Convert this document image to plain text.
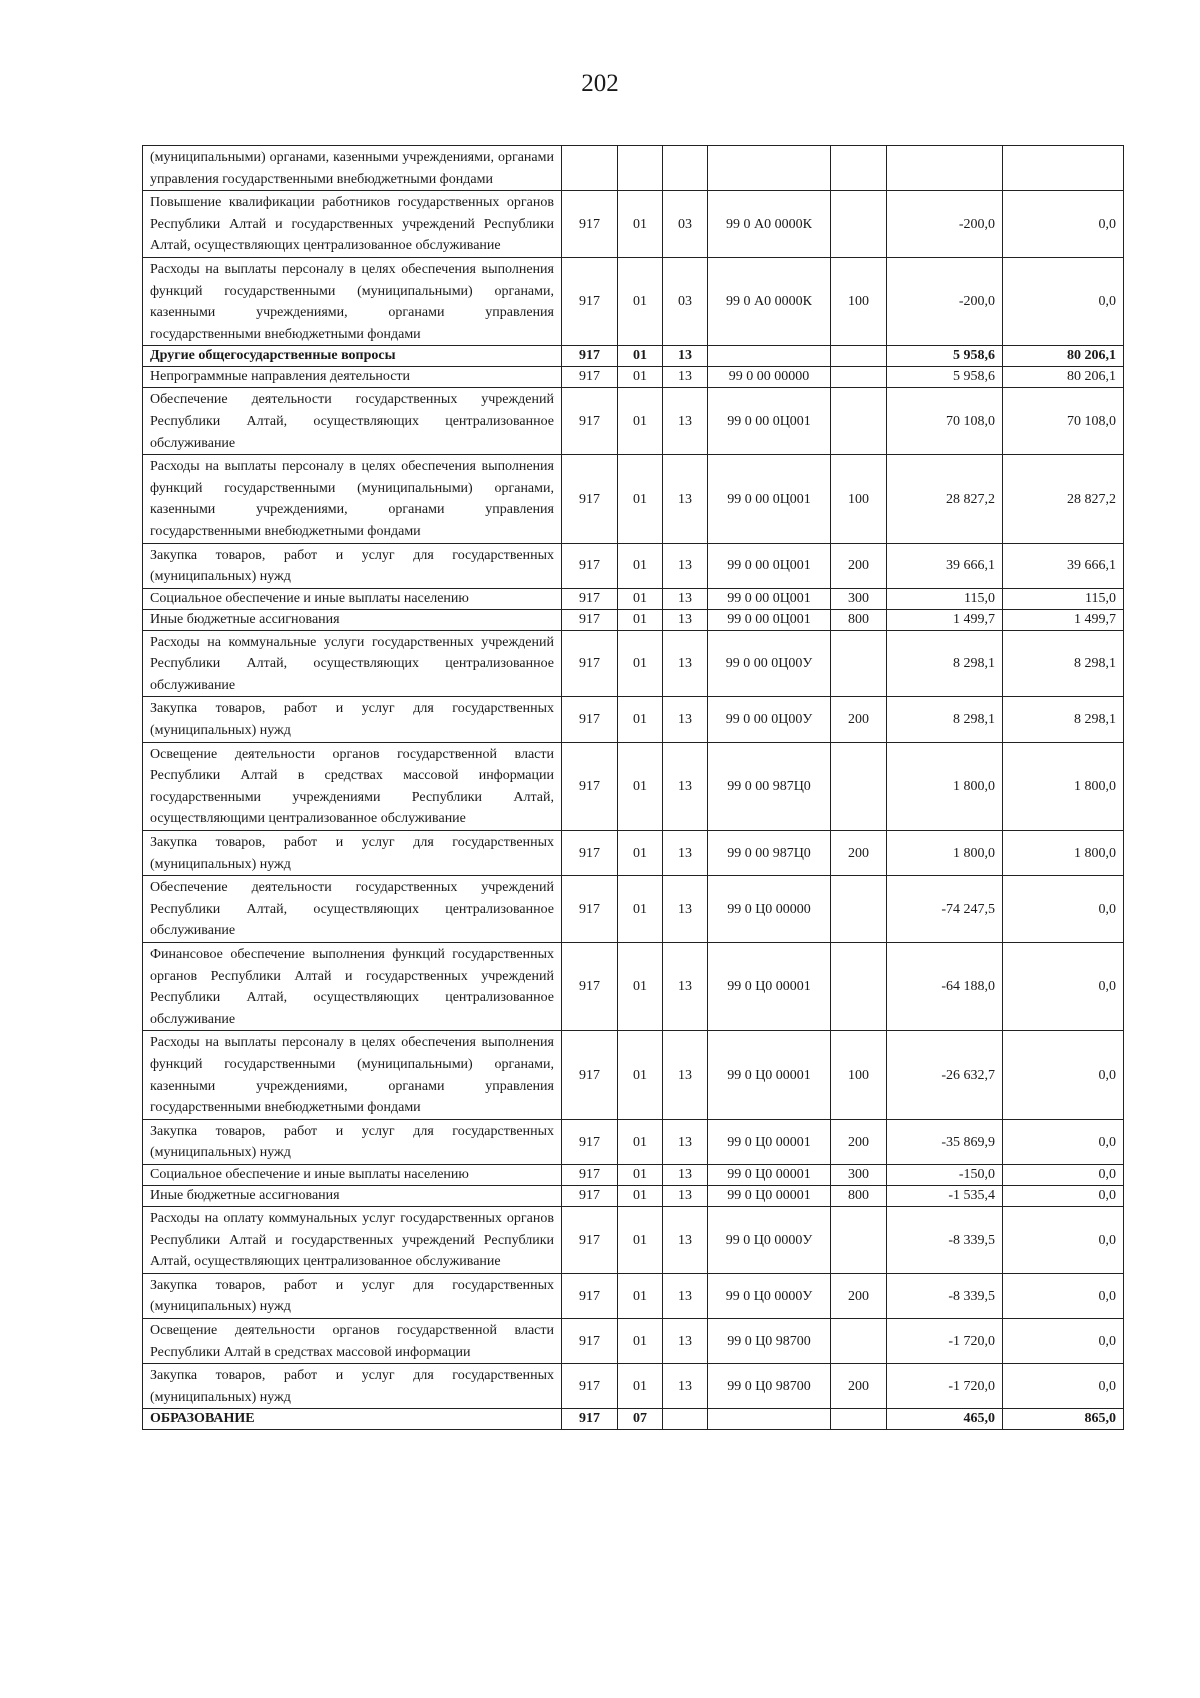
202
(муниципальными) органами, казенными учреждениями, органами управления государственными внебюджетными фондами							
Повышение квалификации работников государственных органов Республики Алтай и государственных учреждений Республики Алтай, осуществляющих централизованное обслуживание	917	01	03	99 0 А0 0000К		-200,0	0,0
Расходы на выплаты персоналу в целях обеспечения выполнения функций государственными (муниципальными) органами, казенными учреждениями, органами управления государственными внебюджетными фондами	917	01	03	99 0 А0 0000К	100	-200,0	0,0
Другие общегосударственные вопросы	917	01	13			5 958,6	80 206,1
Непрограммные направления деятельности	917	01	13	99 0 00 00000		5 958,6	80 206,1
Обеспечение деятельности государственных учреждений Республики Алтай, осуществляющих централизованное обслуживание	917	01	13	99 0 00 0Ц001		70 108,0	70 108,0
Расходы на выплаты персоналу в целях обеспечения выполнения функций государственными (муниципальными) органами, казенными учреждениями, органами управления государственными внебюджетными фондами	917	01	13	99 0 00 0Ц001	100	28 827,2	28 827,2
Закупка товаров, работ и услуг для государственных (муниципальных) нужд	917	01	13	99 0 00 0Ц001	200	39 666,1	39 666,1
Социальное обеспечение и иные выплаты населению	917	01	13	99 0 00 0Ц001	300	115,0	115,0
Иные бюджетные ассигнования	917	01	13	99 0 00 0Ц001	800	1 499,7	1 499,7
Расходы на коммунальные услуги государственных учреждений Республики Алтай, осуществляющих централизованное обслуживание	917	01	13	99 0 00 0Ц00У		8 298,1	8 298,1
Закупка товаров, работ и услуг для государственных (муниципальных) нужд	917	01	13	99 0 00 0Ц00У	200	8 298,1	8 298,1
Освещение деятельности органов государственной власти Республики Алтай в средствах массовой информации государственными учреждениями Республики Алтай, осуществляющими централизованное обслуживание	917	01	13	99 0 00 987Ц0		1 800,0	1 800,0
Закупка товаров, работ и услуг для государственных (муниципальных) нужд	917	01	13	99 0 00 987Ц0	200	1 800,0	1 800,0
Обеспечение деятельности государственных учреждений Республики Алтай, осуществляющих централизованное обслуживание	917	01	13	99 0 Ц0 00000		-74 247,5	0,0
Финансовое обеспечение выполнения функций государственных органов Республики Алтай и государственных учреждений Республики Алтай, осуществляющих централизованное обслуживание	917	01	13	99 0 Ц0 00001		-64 188,0	0,0
Расходы на выплаты персоналу в целях обеспечения выполнения функций государственными (муниципальными) органами, казенными учреждениями, органами управления государственными внебюджетными фондами	917	01	13	99 0 Ц0 00001	100	-26 632,7	0,0
Закупка товаров, работ и услуг для государственных (муниципальных) нужд	917	01	13	99 0 Ц0 00001	200	-35 869,9	0,0
Социальное обеспечение и иные выплаты населению	917	01	13	99 0 Ц0 00001	300	-150,0	0,0
Иные бюджетные ассигнования	917	01	13	99 0 Ц0 00001	800	-1 535,4	0,0
Расходы на оплату коммунальных услуг государственных органов Республики Алтай и государственных учреждений Республики Алтай, осуществляющих централизованное обслуживание	917	01	13	99 0 Ц0 0000У		-8 339,5	0,0
Закупка товаров, работ и услуг для государственных (муниципальных) нужд	917	01	13	99 0 Ц0 0000У	200	-8 339,5	0,0
Освещение деятельности органов государственной власти Республики Алтай в средствах массовой информации	917	01	13	99 0 Ц0 98700		-1 720,0	0,0
Закупка товаров, работ и услуг для государственных (муниципальных) нужд	917	01	13	99 0 Ц0 98700	200	-1 720,0	0,0
ОБРАЗОВАНИЕ	917	07				465,0	865,0
